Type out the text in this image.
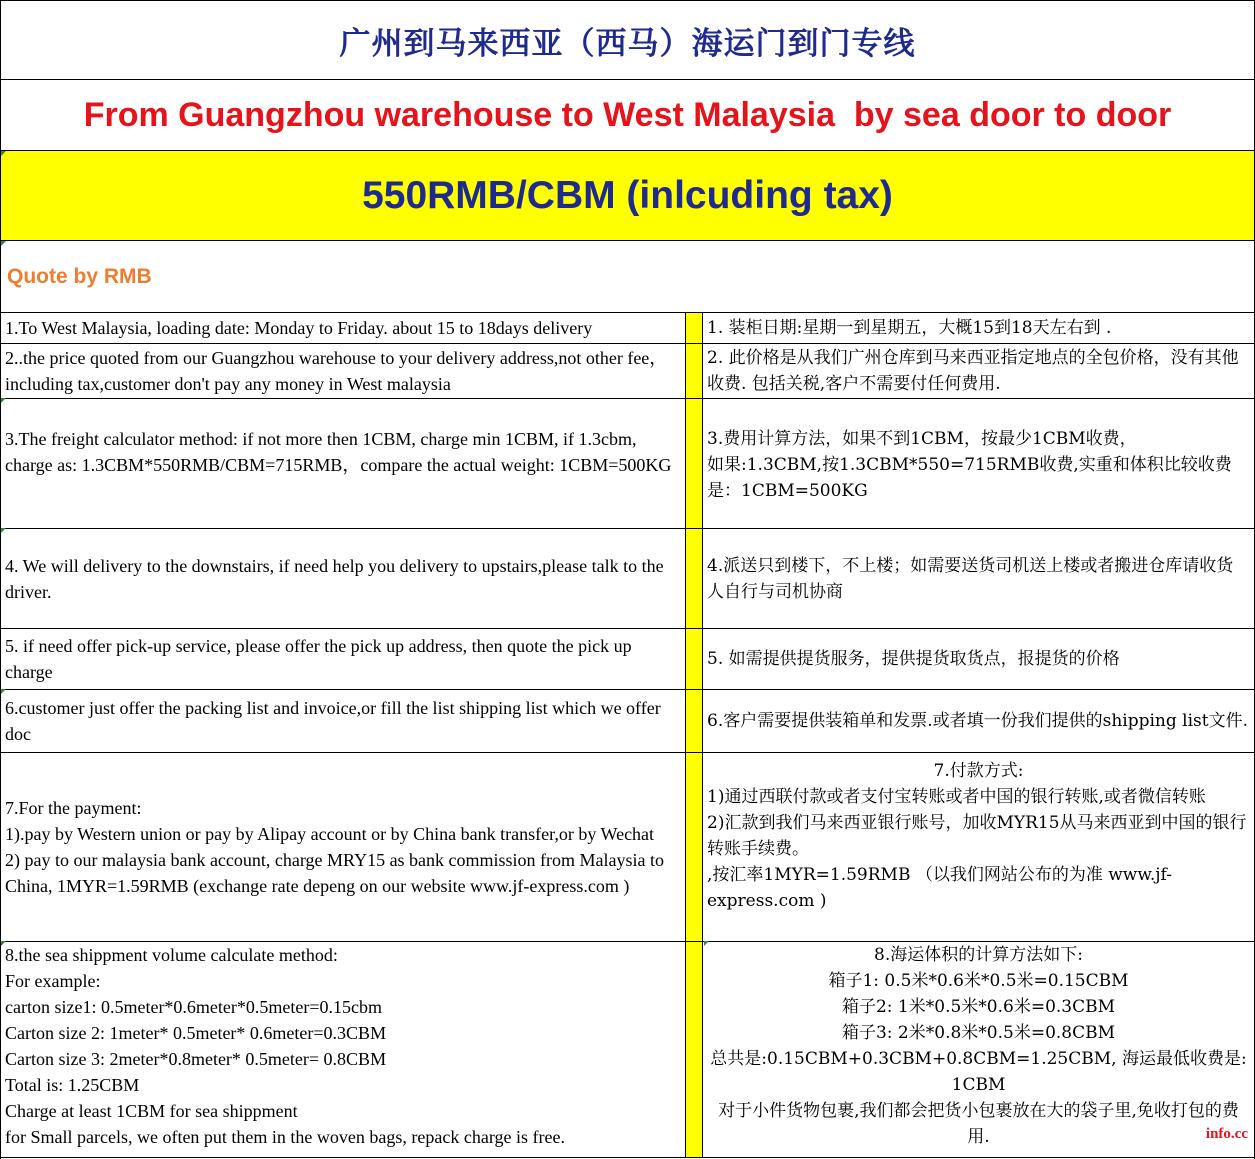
广州到马来西亚（西马）海运门到门专线
From Guangzhou warehouse to West Malaysia  by sea door to door
550RMB/CBM (inlcuding tax)
Quote by RMB
1.To West Malaysia, loading date: Monday to Friday. about 15 to 18days delivery	1. 装柜日期:星期一到星期五，大概15到18天左右到 .
2..the price quoted from our Guangzhou warehouse to your delivery address,not other fee，including tax,customer don't pay any money in West malaysia
2. 此价格是从我们广州仓库到马来西亚指定地点的全包价格，没有其他收费. 包括关税,客户不需要付任何费用.
3.The freight calculator method: if not more then 1CBM, charge min 1CBM, if 1.3cbm, charge as: 1.3CBM*550RMB/CBM=715RMB，compare the actual weight: 1CBM=500KG
3.费用计算方法，如果不到1CBM，按最少1CBM收费，
如果:1.3CBM,按1.3CBM*550=715RMB收费,实重和体积比较收费是：1CBM=500KG
4. We will delivery to the downstairs, if need help you delivery to upstairs,please talk to the driver.
4.派送只到楼下，不上楼；如需要送货司机送上楼或者搬进仓库请收货人自行与司机协商
5. if need offer pick-up service, please offer the pick up address, then quote the pick up charge
5. 如需提供提货服务，提供提货取货点，报提货的价格
6.customer just offer the packing list and invoice,or fill the list shipping list which we offer doc
6.客户需要提供装箱单和发票.或者填一份我们提供的shipping list文件.
7.For the payment:
1).pay by Western union or pay by Alipay account or by China bank transfer,or by Wechat
2) pay to our malaysia bank account, charge MRY15 as bank commission from Malaysia to China, 1MYR=1.59RMB (exchange rate depeng on our website www.jf-express.com )
7.付款方式:
1)通过西联付款或者支付宝转账或者中国的银行转账,或者微信转账
2)汇款到我们马来西亚银行账号，加收MYR15从马来西亚到中国的银行转账手续费。
,按汇率1MYR=1.59RMB （以我们网站公布的为准 www.jf-express.com )
8.the sea shippment volume calculate method:
For example:
carton size1: 0.5meter*0.6meter*0.5meter=0.15cbm
Carton size 2: 1meter* 0.5meter* 0.6meter=0.3CBM
Carton size 3: 2meter*0.8meter* 0.5meter= 0.8CBM
Total is: 1.25CBM
Charge at least 1CBM for sea shippment
for Small parcels, we often put them in the woven bags, repack charge is free.
8.海运体积的计算方法如下:
箱子1: 0.5米*0.6米*0.5米=0.15CBM
箱子2: 1米*0.5米*0.6米=0.3CBM
箱子3: 2米*0.8米*0.5米=0.8CBM
总共是:0.15CBM+0.3CBM+0.8CBM=1.25CBM, 海运最低收费是: 1CBM
对于小件货物包裹,我们都会把货小包裹放在大的袋子里,免收打包的费用.	info.cc
